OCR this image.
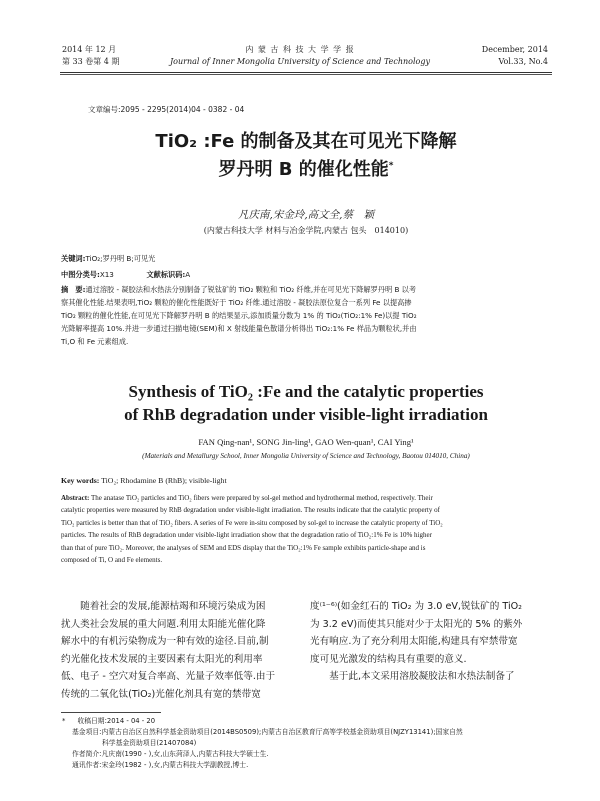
2014 年 12 月
第 33 卷第 4 期
内 蒙 古 科 技 大 学 学 报
Journal of Inner Mongolia University of Science and Technology
December, 2014
Vol.33, No.4
文章编号:2095 - 2295(2014)04 - 0382 - 04
TiO₂ :Fe 的制备及其在可见光下降解
罗丹明 B 的催化性能*
凡庆南,宋金玲,高文全,蔡　颖
(内蒙古科技大学 材料与冶金学院,内蒙古 包头　014010)
关键词:TiO₂;罗丹明 B;可见光
中图分类号:X13	文献标识码:A
摘　要:通过溶胶 - 凝胶法和水热法分别制备了锐钛矿的 TiO₂ 颗粒和 TiO₂ 纤维,并在可见光下降解罗丹明 B 以考
察其催化性能.结果表明,TiO₂ 颗粒的催化性能既好于 TiO₂ 纤维.通过溶胶 - 凝胶法原位复合一系列 Fe 以提高掺
TiO₂ 颗粒的催化性能,在可见光下降解罗丹明 B 的结果显示,添加质量分数为 1% 的 TiO₂(TiO₂:1% Fe)以提 TiO₂
光降解率提高 10%.并进一步通过扫描电镜(SEM)和 X 射线能量色散谱分析得出 TiO₂:1% Fe 样品为颗粒状,并由
Ti,O 和 Fe 元素组成.
Synthesis of TiO₂ :Fe and the catalytic properties
of RhB degradation under visible-light irradiation
FAN Qing-nan¹, SONG Jin-ling¹, GAO Wen-quan¹, CAI Ying¹
(Materials and Metallurgy School, Inner Mongolia University of Science and Technology, Baotou 014010, China)
Key words: TiO₂; Rhodamine B (RhB); visible-light
Abstract: The anatase TiO₂ particles and TiO₂ fibers were prepared by sol-gel method and hydrothermal method, respectively. Their
catalytic properties were measured by RhB degradation under visible-light irradiation. The results indicate that the catalytic property of
TiO₂ particles is better than that of TiO₂ fibers. A series of Fe were in-situ composed by sol-gel to increase the catalytic property of TiO₂
particles. The results of RhB degradation under visible-light irradiation show that the degradation ratio of TiO₂:1% Fe is 10% higher
than that of pure TiO₂. Moreover, the analyses of SEM and EDS display that the TiO₂:1% Fe sample exhibits particle-shape and is
composed of Ti, O and Fe elements.
　　随着社会的发展,能源枯竭和环境污染成为困
扰人类社会发展的重大问题.利用太阳能光催化降
解水中的有机污染物成为一种有效的途径.目前,制
约光催化技术发展的主要因素有太阳光的利用率
低、电子 - 空穴对复合率高、光量子效率低等.由于
传统的二氧化钛(TiO₂)光催化剂具有宽的禁带宽
度⁽¹⁻⁶⁾(如金红石的 TiO₂ 为 3.0 eV,锐钛矿的 TiO₂
为 3.2 eV)而使其只能对少于太阳光的 5% 的紫外
光有响应.为了充分利用太阳能,构建具有窄禁带宽
度可见光激发的结构具有重要的意义.
　　基于此,本文采用溶胶凝胶法和水热法制备了
* 收稿日期:2014 - 04 - 20
基金项目:内蒙古自治区自然科学基金资助项目(2014BS0509);内蒙古自治区教育厅高等学校基金资助项目(NJZY13141);国家自然
科学基金资助项目(21407084)
作者简介:凡庆南(1990 - ),女,山东菏泽人,内蒙古科技大学硕士生.
通讯作者:宋金玲(1982 - ),女,内蒙古科技大学副教授,博士.
